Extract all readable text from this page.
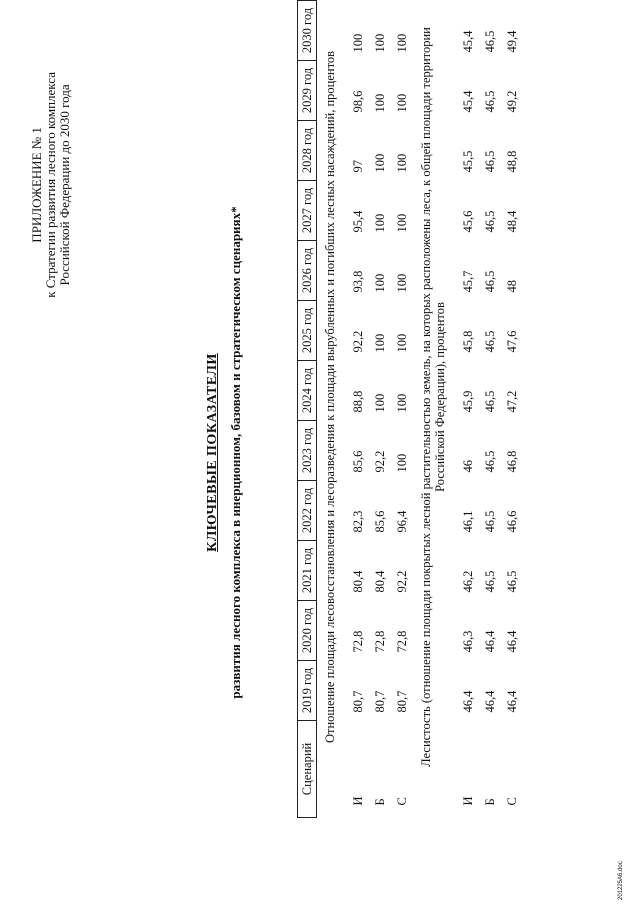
ПРИЛОЖЕНИЕ № 1 к Стратегии развития лесного комплекса Российской Федерации до 2030 года
КЛЮЧЕВЫЕ ПОКАЗАТЕЛИ развития лесного комплекса в инерционном, базовом и стратегическом сценариях*
Сценарий	2019 год	2020 год	2021 год	2022 год	2023 год	2024 год	2025 год	2026 год	2027 год	2028 год	2029 год	2030 год
Отношение площади лесовосстановления и лесоразведения к площади вырубленных и погибших лесных насаждений, процентов												
И	80,7	72,8	80,4	82,3	85,6	88,8	92,2	93,8	95,4	97	98,6	100
Б	80,7	72,8	80,4	85,6	92,2	100	100	100	100	100	100	100
С	80,7	72,8	92,2	96,4	100	100	100	100	100	100	100	100
Лесистость (отношение площади покрытых лесной растительностью земель, на которых расположены леса, к общей площади территории Российской Федерации), процентов												
И	46,4	46,3	46,2	46,1	46	45,9	45,8	45,7	45,6	45,5	45,4	45,4
Б	46,4	46,4	46,5	46,5	46,5	46,5	46,5	46,5	46,5	46,5	46,5	46,5
С	46,4	46,4	46,5	46,6	46,8	47,2	47,6	48	48,4	48,8	49,2	49,4
201225A6.doc
